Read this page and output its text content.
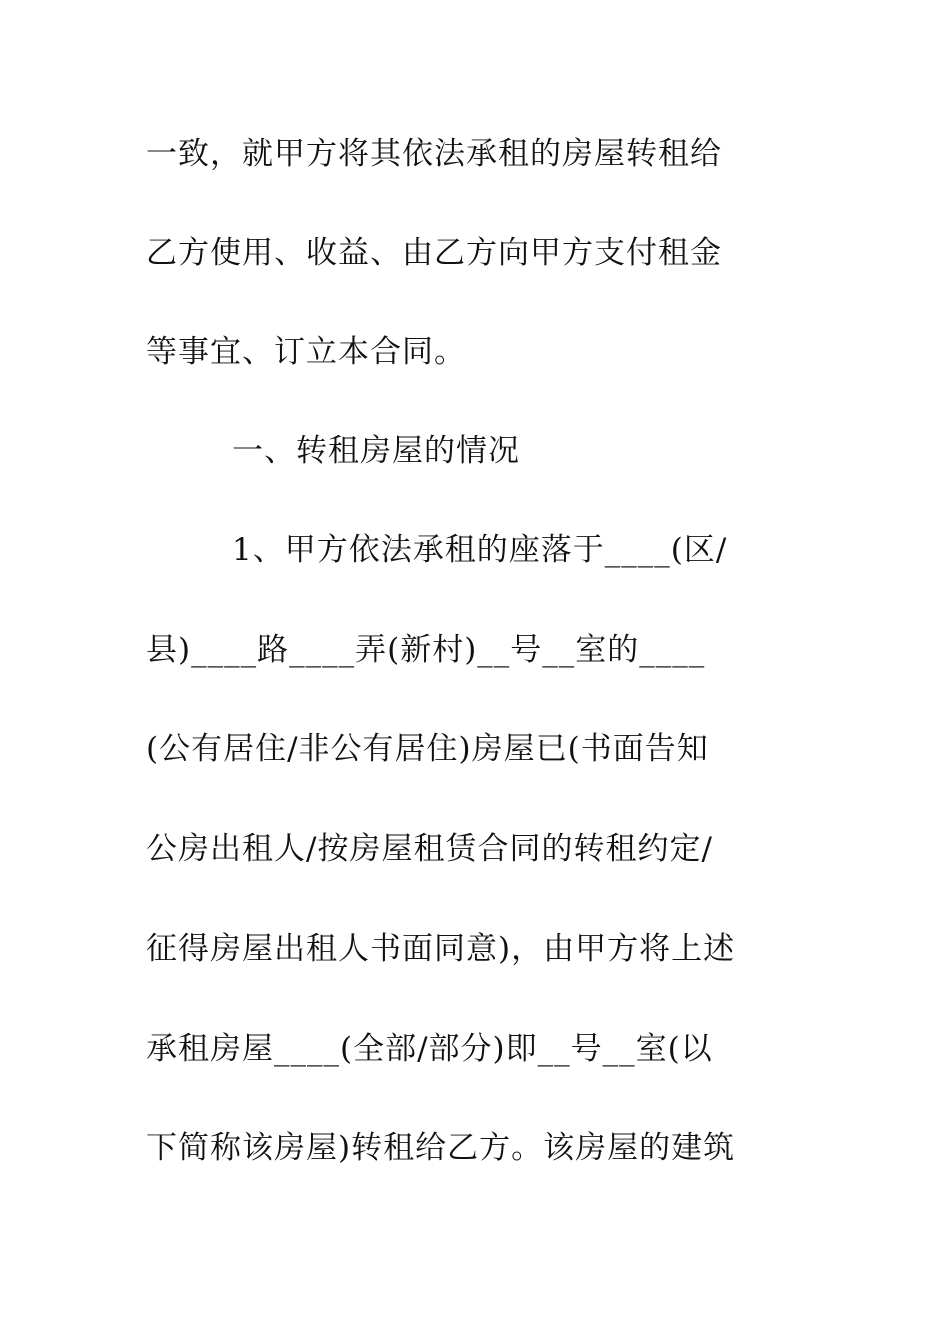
一致，就甲方将其依法承租的房屋转租给
乙方使用、收益、由乙方向甲方支付租金
等事宜、订立本合同。
一、转租房屋的情况
1、甲方依法承租的座落于____(区/
县)____路____弄(新村)__号__室的____
(公有居住/非公有居住)房屋已(书面告知
公房出租人/按房屋租赁合同的转租约定/
征得房屋出租人书面同意)，由甲方将上述
承租房屋____(全部/部分)即__号__室(以
下简称该房屋)转租给乙方。该房屋的建筑
